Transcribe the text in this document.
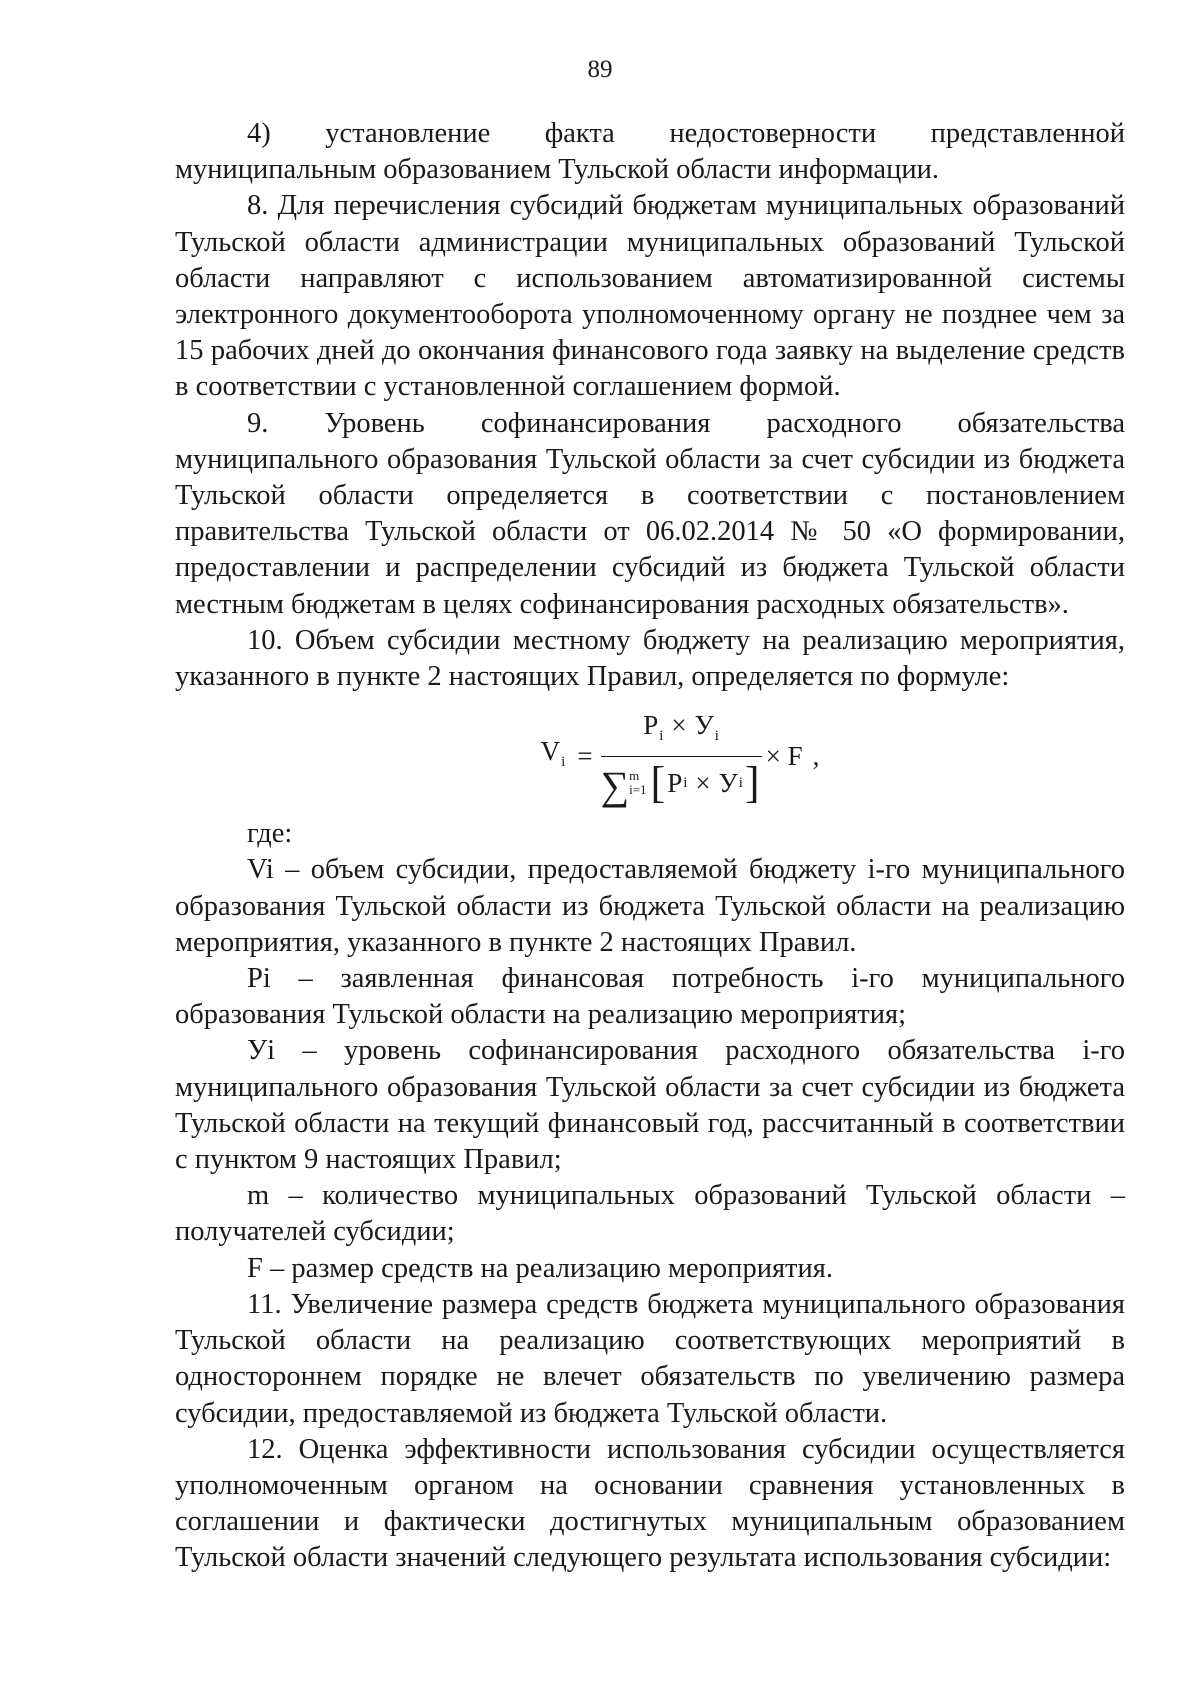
89

4) установление факта недостоверности представленной муниципальным образованием Тульской области информации.

8. Для перечисления субсидий бюджетам муниципальных образований Тульской области администрации муниципальных образований Тульской области направляют с использованием автоматизированной системы электронного документооборота уполномоченному органу не позднее чем за 15 рабочих дней до окончания финансового года заявку на выделение средств в соответствии с установленной соглашением формой.

9. Уровень софинансирования расходного обязательства муниципального образования Тульской области за счет субсидии из бюджета Тульской области определяется в соответствии с постановлением правительства Тульской области от 06.02.2014 № 50 «О формировании, предоставлении и распределении субсидий из бюджета Тульской области местным бюджетам в целях софинансирования расходных обязательств».

10. Объем субсидии местному бюджету на реализацию мероприятия, указанного в пункте 2 настоящих Правил, определяется по формуле:

$V_i$ =
$P_i \times У_i$
∑ m
i=1 [ P i × У i ]
× F ,

где:

Vi – объем субсидии, предоставляемой бюджету i-го муниципального образования Тульской области из бюджета Тульской области на реализацию мероприятия, указанного в пункте 2 настоящих Правил.

Pi – заявленная финансовая потребность i-го муниципального образования Тульской области на реализацию мероприятия;

Уi – уровень софинансирования расходного обязательства i-го муниципального образования Тульской области за счет субсидии из бюджета Тульской области на текущий финансовый год, рассчитанный в соответствии с пунктом 9 настоящих Правил;

m – количество муниципальных образований Тульской области – получателей субсидии;

F – размер средств на реализацию мероприятия.

11. Увеличение размера средств бюджета муниципального образования Тульской области на реализацию соответствующих мероприятий в одностороннем порядке не влечет обязательств по увеличению размера субсидии, предоставляемой из бюджета Тульской области.

12. Оценка эффективности использования субсидии осуществляется уполномоченным органом на основании сравнения установленных в соглашении и фактически достигнутых муниципальным образованием Тульской области значений следующего результата использования субсидии:
